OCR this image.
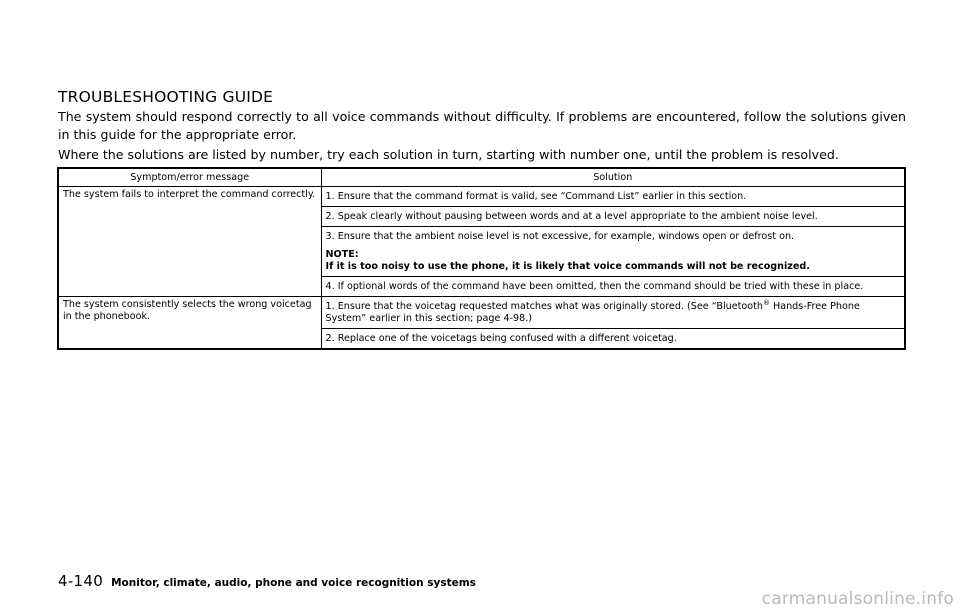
TROUBLESHOOTING GUIDE

The system should respond correctly to all voice commands without difficulty. If problems are encountered, follow the solutions given in this guide for the appropriate error.

Where the solutions are listed by number, try each solution in turn, starting with number one, until the problem is resolved.

Symptom/error message	Solution
The system fails to interpret the command correctly.	1. Ensure that the command format is valid, see “Command List” earlier in this section.
	2. Speak clearly without pausing between words and at a level appropriate to the ambient noise level.
	3. Ensure that the ambient noise level is not excessive, for example, windows open or defrost on.
NOTE:
If it is too noisy to use the phone, it is likely that voice commands will not be recognized.

	4. If optional words of the command have been omitted, then the command should be tried with these in place.
The system consistently selects the wrong voicetag in the phonebook.	1. Ensure that the voicetag requested matches what was originally stored. (See “Bluetooth® Hands-Free Phone System” earlier in this section; page 4-98.)
	2. Replace one of the voicetags being confused with a different voicetag.
4-140 Monitor, climate, audio, phone and voice recognition systems
carmanualsonline.info
